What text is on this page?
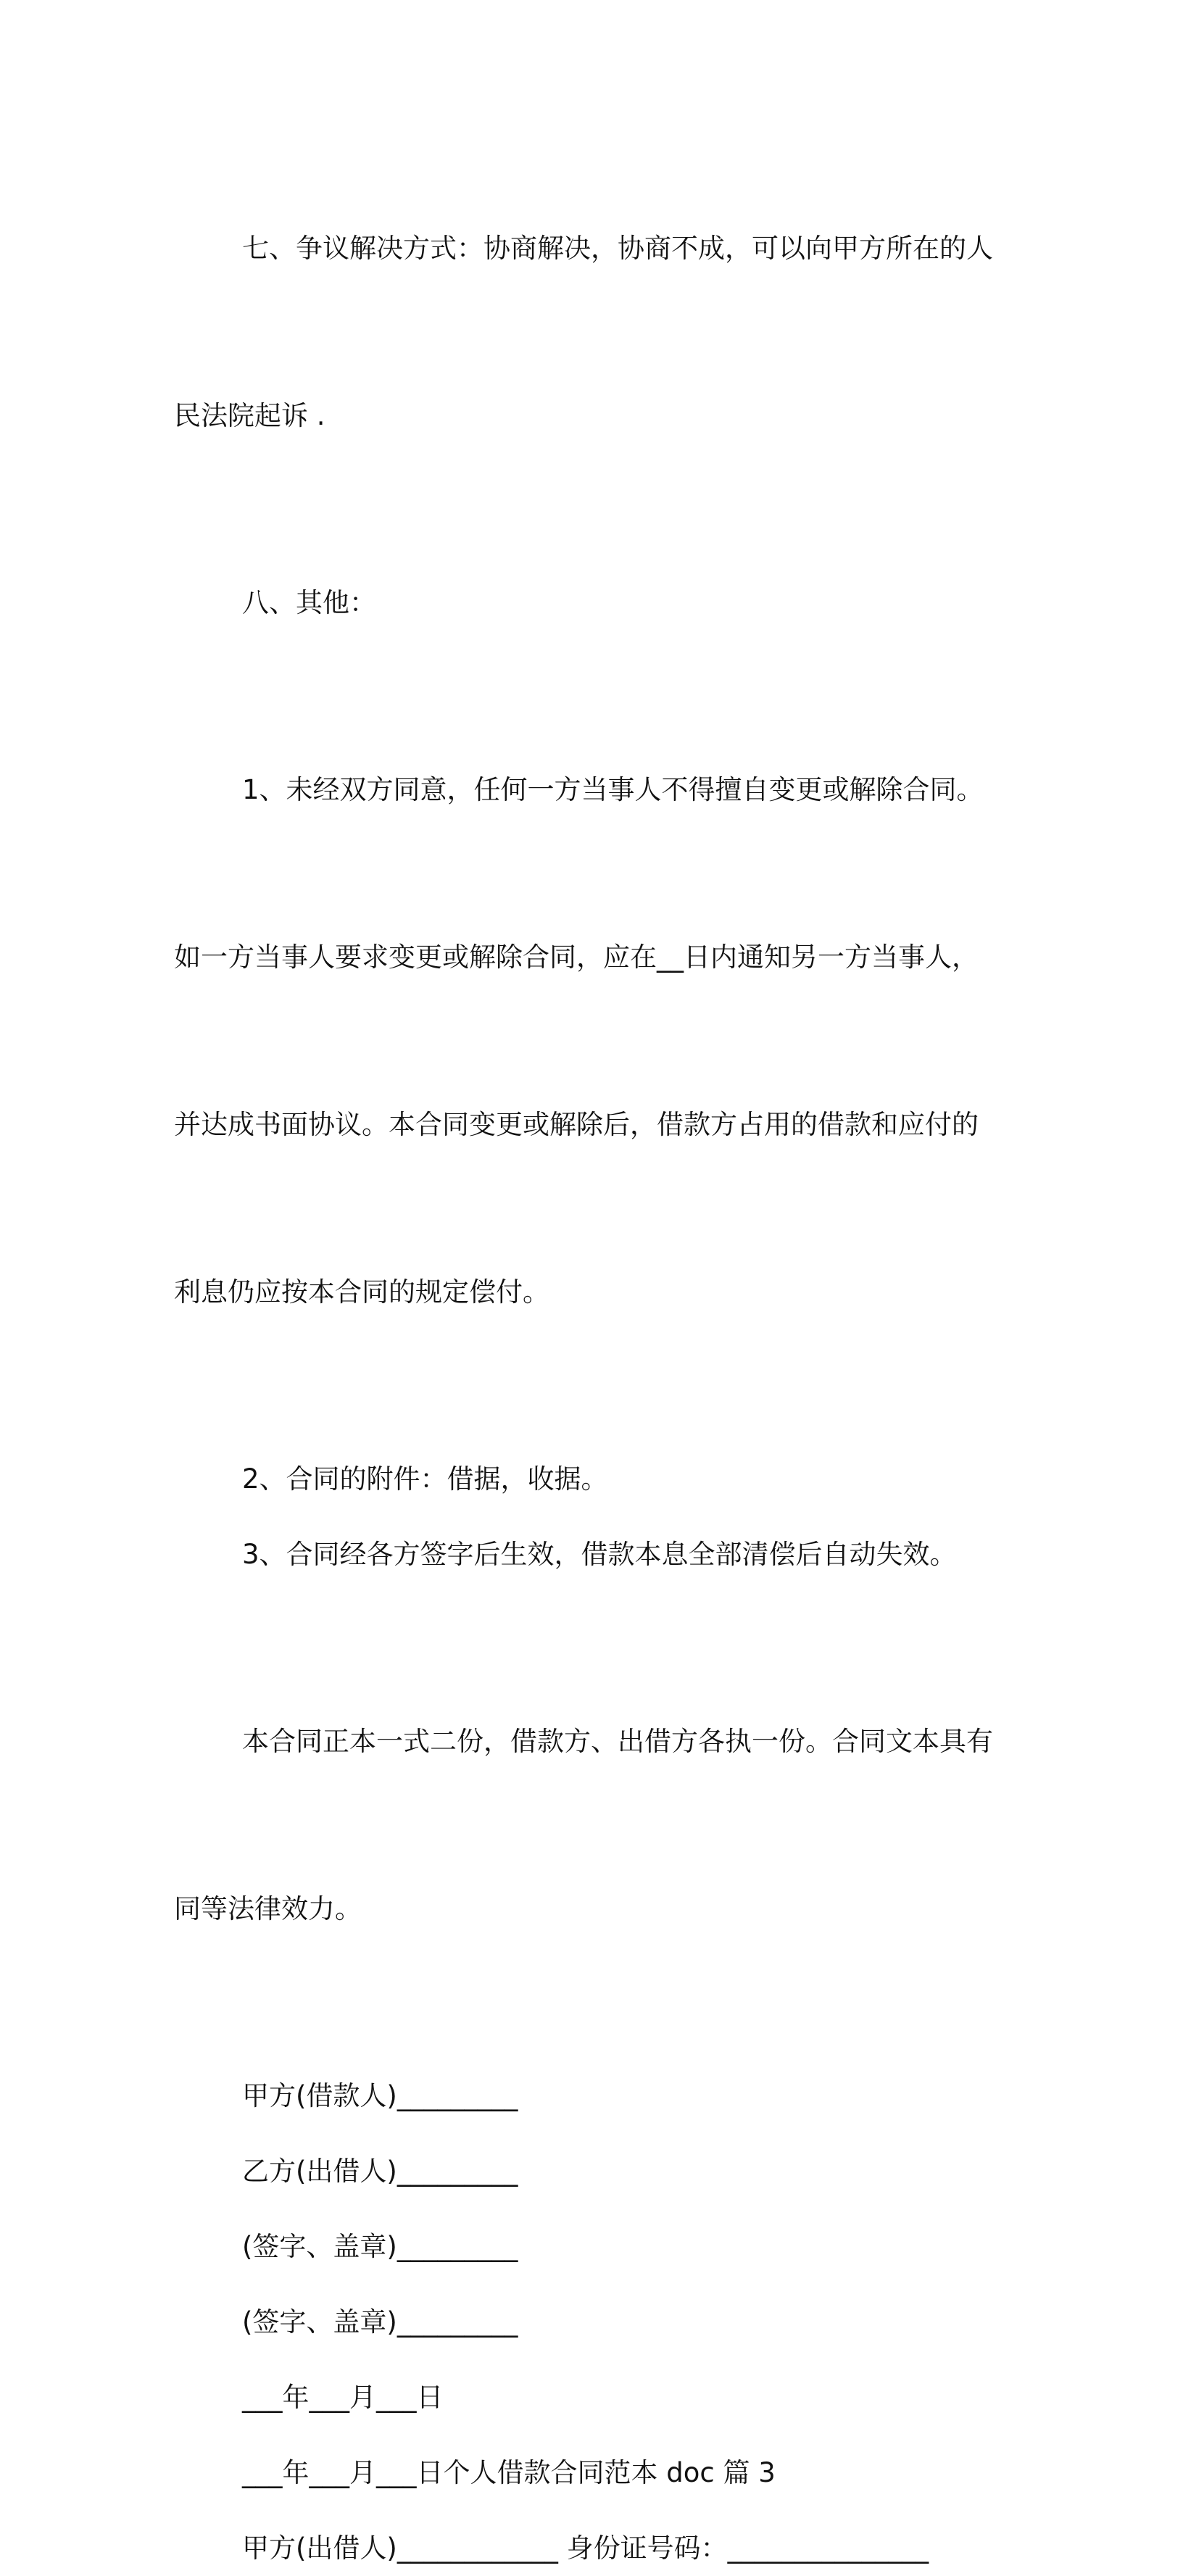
七、争议解决方式：协商解决，协商不成，可以向甲方所在的人

民法院起诉 .

八、其他：

1、未经双方同意，任何一方当事人不得擅自变更或解除合同。

如一方当事人要求变更或解除合同，应在__日内通知另一方当事人，

并达成书面协议。本合同变更或解除后，借款方占用的借款和应付的

利息仍应按本合同的规定偿付。

2、合同的附件：借据，收据。
3、合同经各方签字后生效，借款本息全部清偿后自动失效。

本合同正本一式二份，借款方、出借方各执一份。合同文本具有

同等法律效力。

甲方(借款人)_________
乙方(出借人)_________
(签字、盖章)_________
(签字、盖章)_________
___年___月___日
___年___月___日个人借款合同范本 doc 篇 3
甲方(出借人)____________ 身份证号码：_______________
